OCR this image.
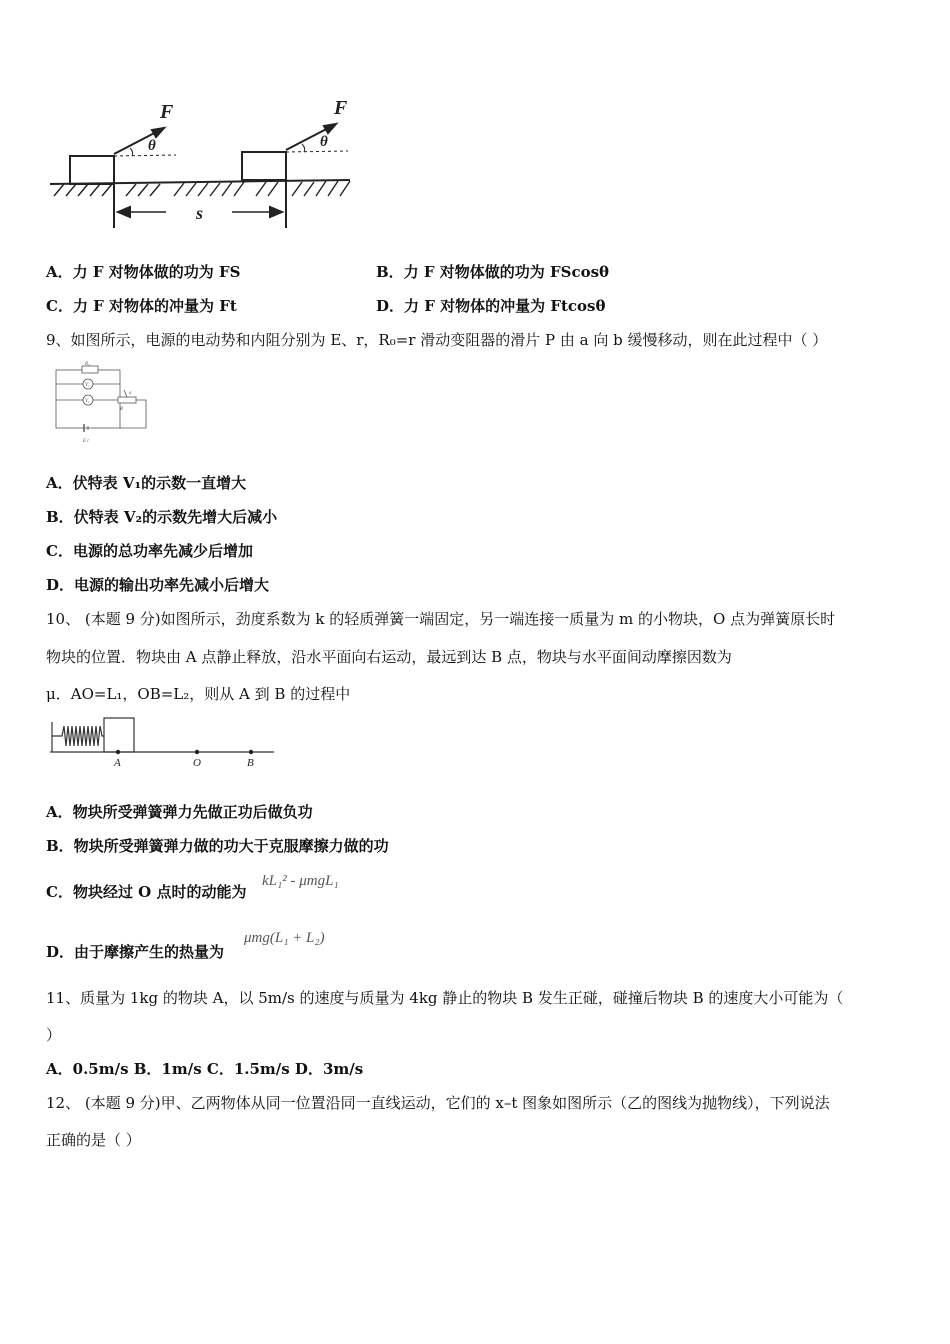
F	F
θ	θ
s
A．力 F 对物体做的功为 FS	B．力 F 对物体做的功为 FScosθ
C．力 F 对物体的冲量为 Ft	D．力 F 对物体的冲量为 Ftcosθ
9、如图所示，电源的电动势和内阻分别为 E、r，R₀=r 滑动变阻器的滑片 P 由 a 向 b 缓慢移动，则在此过程中（ ）
R₀
V₁
V₂
a
R
E r
A．伏特表 V₁的示数一直增大
B．伏特表 V₂的示数先增大后减小
C．电源的总功率先减少后增加
D．电源的输出功率先减小后增大
10、 (本题 9 分)如图所示，劲度系数为 k 的轻质弹簧一端固定，另一端连接一质量为 m 的小物块，O 点为弹簧原长时
物块的位置．物块由 A 点静止释放，沿水平面向右运动，最远到达 B 点，物块与水平面间动摩擦因数为
μ．AO=L₁，OB=L₂，则从 A 到 B 的过程中
A	O	B
A．物块所受弹簧弹力先做正功后做负功
B．物块所受弹簧弹力做的功大于克服摩擦力做的功
C．物块经过 O 点时的动能为
kL₁² - μmgL₁
D．由于摩擦产生的热量为
μmg(L₁ + L₂)
11、质量为 1kg 的物块 A，以 5m/s 的速度与质量为 4kg 静止的物块 B 发生正碰，碰撞后物块 B 的速度大小可能为（
）
A．0.5m/s B．1m/s C．1.5m/s D．3m/s
12、 (本题 9 分)甲、乙两物体从同一位置沿同一直线运动，它们的 x–t 图象如图所示（乙的图线为抛物线），下列说法
正确的是（ ）
